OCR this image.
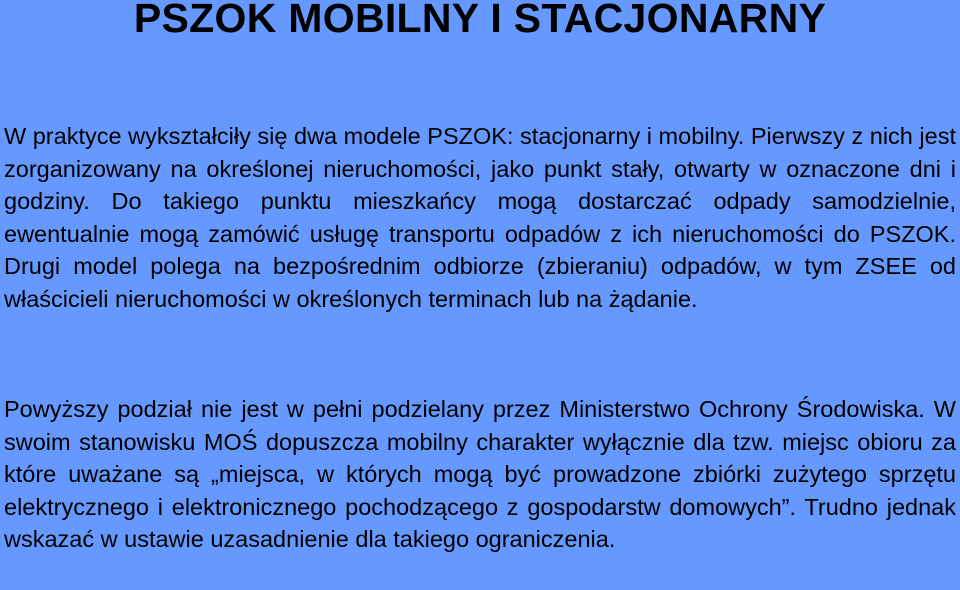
PSZOK MOBILNY I STACJONARNY

W praktyce wykształciły się dwa modele PSZOK: stacjonarny i mobilny. Pierwszy z nich jest zorganizowany na określonej nieruchomości, jako punkt stały, otwarty w oznaczone dni i godziny. Do takiego punktu mieszkańcy mogą dostarczać odpady samodzielnie, ewentualnie mogą zamówić usługę transportu odpadów z ich nieruchomości do PSZOK. Drugi model polega na bezpośrednim odbiorze (zbieraniu) odpadów, w tym ZSEE od właścicieli nieruchomości w określonych terminach lub na żądanie.

Powyższy podział nie jest w pełni podzielany przez Ministerstwo Ochrony Środowiska. W swoim stanowisku MOŚ dopuszcza mobilny charakter wyłącznie dla tzw. miejsc obioru za które uważane są „miejsca, w których mogą być prowadzone zbiórki zużytego sprzętu elektrycznego i elektronicznego pochodzącego z gospodarstw domowych”. Trudno jednak wskazać w ustawie uzasadnienie dla takiego ograniczenia.
